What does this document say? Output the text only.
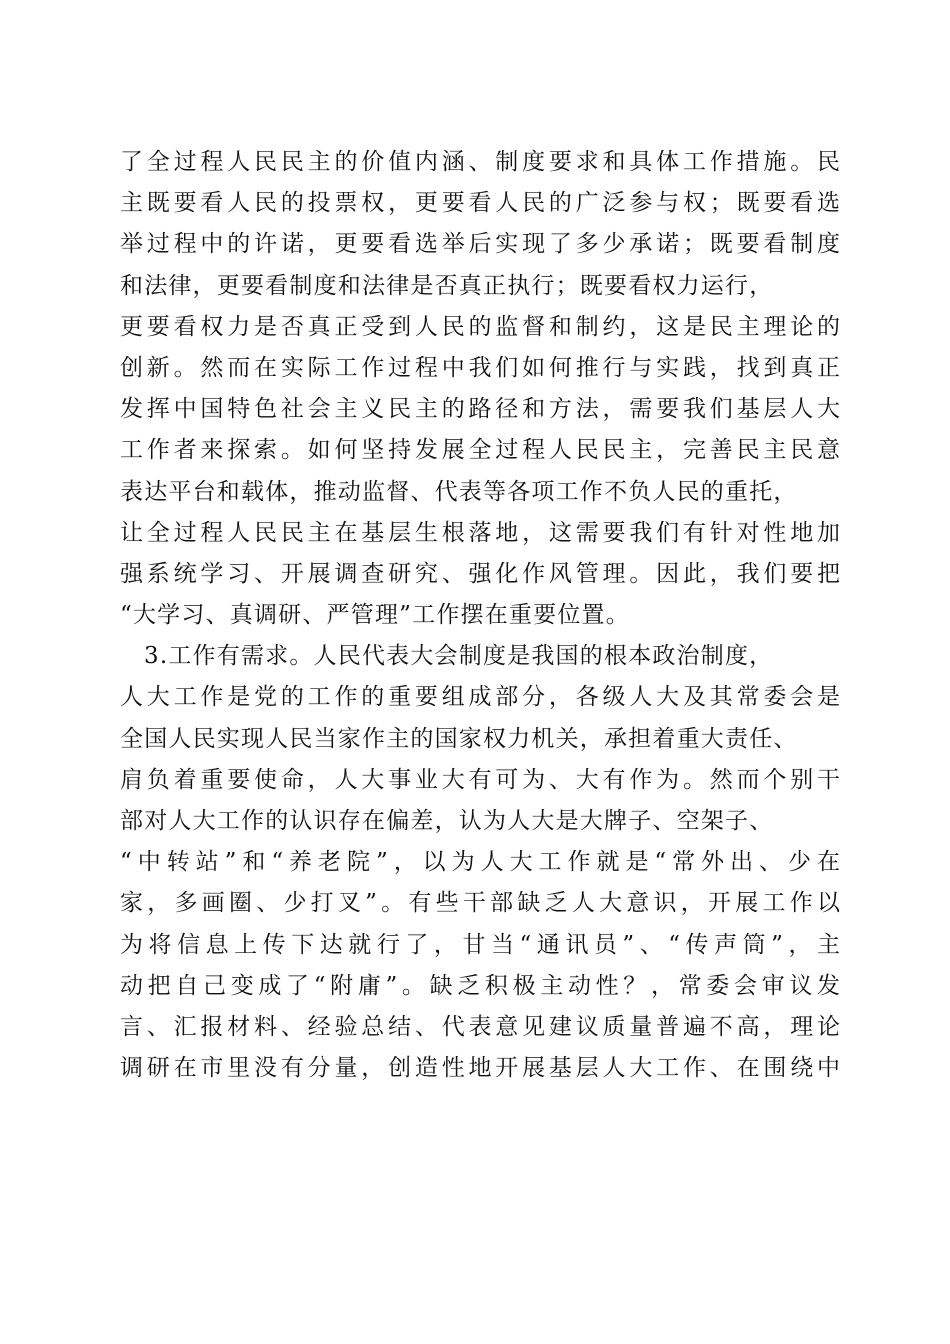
了全过程人民民主的价值内涵、制度要求和具体工作措施。民
主既要看人民的投票权，更要看人民的广泛参与权；既要看选
举过程中的许诺，更要看选举后实现了多少承诺；既要看制度
和法律，更要看制度和法律是否真正执行；既要看权力运行，
更要看权力是否真正受到人民的监督和制约，这是民主理论的
创新。然而在实际工作过程中我们如何推行与实践，找到真正
发挥中国特色社会主义民主的路径和方法，需要我们基层人大
工作者来探索。如何坚持发展全过程人民民主，完善民主民意
表达平台和载体，推动监督、代表等各项工作不负人民的重托，
让全过程人民民主在基层生根落地，这需要我们有针对性地加
强系统学习、开展调查研究、强化作风管理。因此，我们要把
“大学习、真调研、严管理”工作摆在重要位置。
3.工作有需求。人民代表大会制度是我国的根本政治制度，
人大工作是党的工作的重要组成部分，各级人大及其常委会是
全国人民实现人民当家作主的国家权力机关，承担着重大责任、
肩负着重要使命，人大事业大有可为、大有作为。然而个别干
部对人大工作的认识存在偏差，认为人大是大牌子、空架子、
“中转站”和“养老院”，以为人大工作就是“常外出、少在
家，多画圈、少打叉”。有些干部缺乏人大意识，开展工作以
为将信息上传下达就行了，甘当“通讯员”、“传声筒”，主
动把自己变成了“附庸”。缺乏积极主动性？，常委会审议发
言、汇报材料、经验总结、代表意见建议质量普遍不高，理论
调研在市里没有分量，创造性地开展基层人大工作、在围绕中
